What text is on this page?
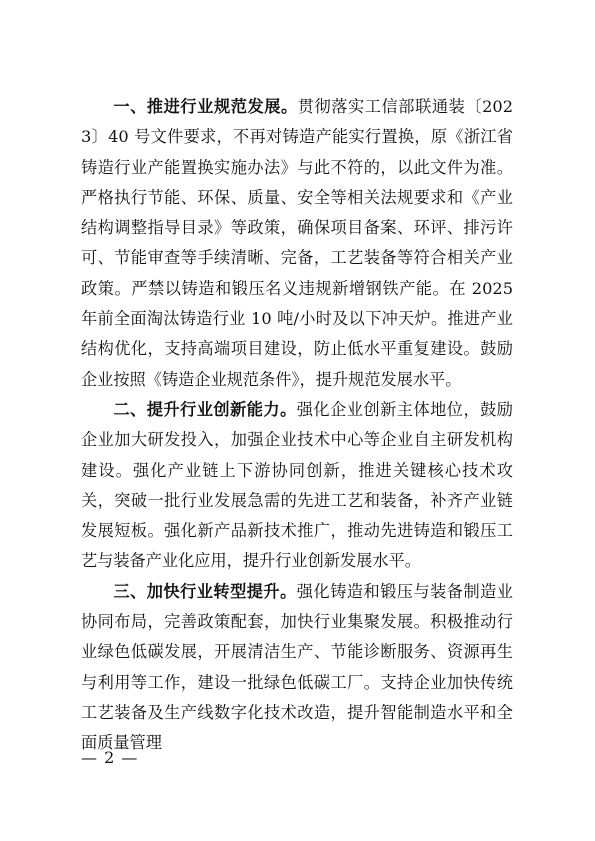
一、推进行业规范发展。贯彻落实工信部联通装〔2023〕40 号文件要求，不再对铸造产能实行置换，原《浙江省铸造行业产能置换实施办法》与此不符的，以此文件为准。严格执行节能、环保、质量、安全等相关法规要求和《产业结构调整指导目录》等政策，确保项目备案、环评、排污许可、节能审查等手续清晰、完备，工艺装备等符合相关产业政策。严禁以铸造和锻压名义违规新增钢铁产能。在 2025 年前全面淘汰铸造行业 10 吨/小时及以下冲天炉。推进产业结构优化，支持高端项目建设，防止低水平重复建设。鼓励企业按照《铸造企业规范条件》，提升规范发展水平。

二、提升行业创新能力。强化企业创新主体地位，鼓励企业加大研发投入，加强企业技术中心等企业自主研发机构建设。强化产业链上下游协同创新，推进关键核心技术攻关，突破一批行业发展急需的先进工艺和装备，补齐产业链发展短板。强化新产品新技术推广，推动先进铸造和锻压工艺与装备产业化应用，提升行业创新发展水平。

三、加快行业转型提升。强化铸造和锻压与装备制造业协同布局，完善政策配套，加快行业集聚发展。积极推动行业绿色低碳发展，开展清洁生产、节能诊断服务、资源再生与利用等工作，建设一批绿色低碳工厂。支持企业加快传统工艺装备及生产线数字化技术改造，提升智能制造水平和全面质量管理

— 2 —
